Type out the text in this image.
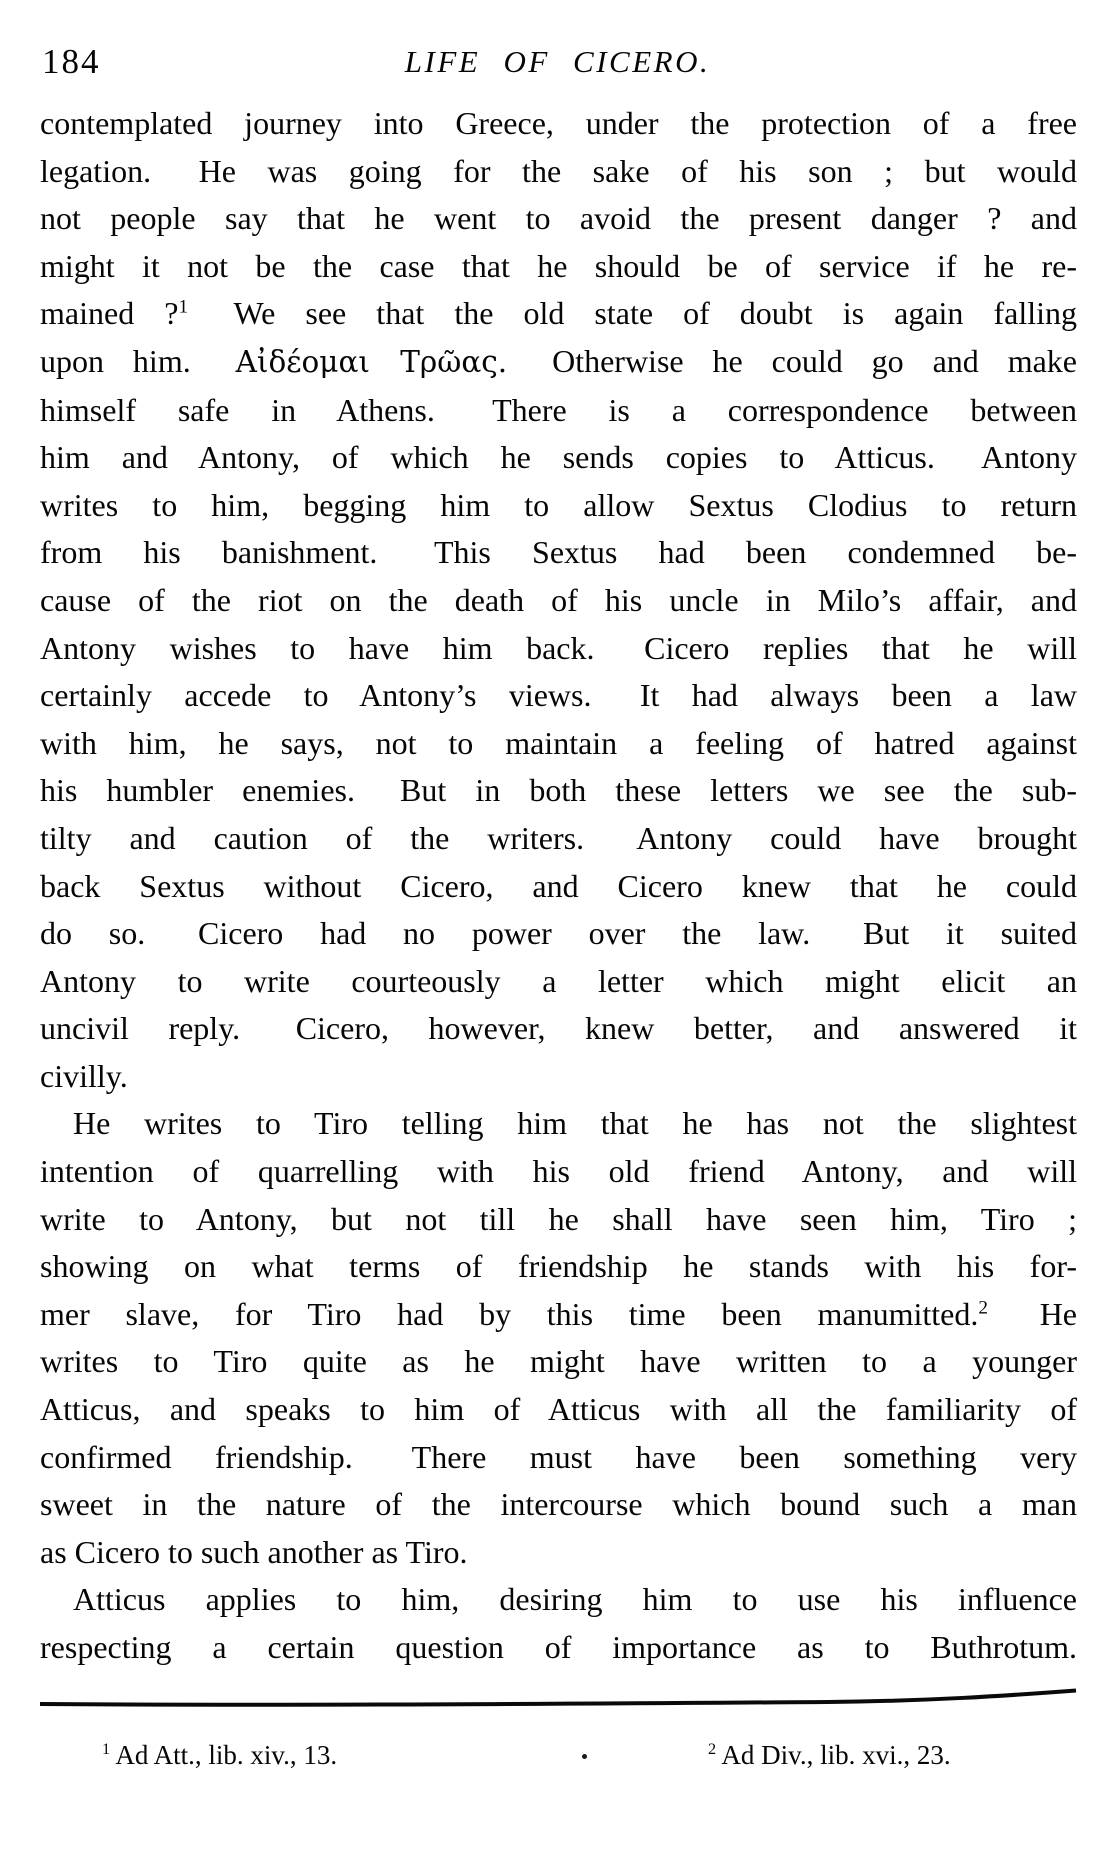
184	LIFE OF CICERO.
contemplated journey into Greece, under the protection of a free
legation.  He was going for the sake of his son ; but would
not people say that he went to avoid the present danger ? and
might it not be the case that he should be of service if he re-
mained ?$^1$  We see that the old state of doubt is again falling
upon him.  Αἰδέομαι Τρῶας.  Otherwise he could go and make
himself safe in Athens.  There is a correspondence between
him and Antony, of which he sends copies to Atticus.  Antony
writes to him, begging him to allow Sextus Clodius to return
from his banishment.  This Sextus had been condemned be-
cause of the riot on the death of his uncle in Milo’s affair, and
Antony wishes to have him back.  Cicero replies that he will
certainly accede to Antony’s views.  It had always been a law
with him, he says, not to maintain a feeling of hatred against
his humbler enemies.  But in both these letters we see the sub-
tilty and caution of the writers.  Antony could have brought
back Sextus without Cicero, and Cicero knew that he could
do so.  Cicero had no power over the law.  But it suited
Antony to write courteously a letter which might elicit an
uncivil reply.  Cicero, however, knew better, and answered it
civilly.
He writes to Tiro telling him that he has not the slightest
intention of quarrelling with his old friend Antony, and will
write to Antony, but not till he shall have seen him, Tiro ;
showing on what terms of friendship he stands with his for-
mer slave, for Tiro had by this time been manumitted.$^2$  He
writes to Tiro quite as he might have written to a younger
Atticus, and speaks to him of Atticus with all the familiarity of
confirmed friendship.  There must have been something very
sweet in the nature of the intercourse which bound such a man
as Cicero to such another as Tiro.
Atticus applies to him, desiring him to use his influence
respecting a certain question of importance as to Buthrotum.
$^1$ Ad Att., lib. xiv., 13.	$^2$ Ad Div., lib. xvi., 23.
